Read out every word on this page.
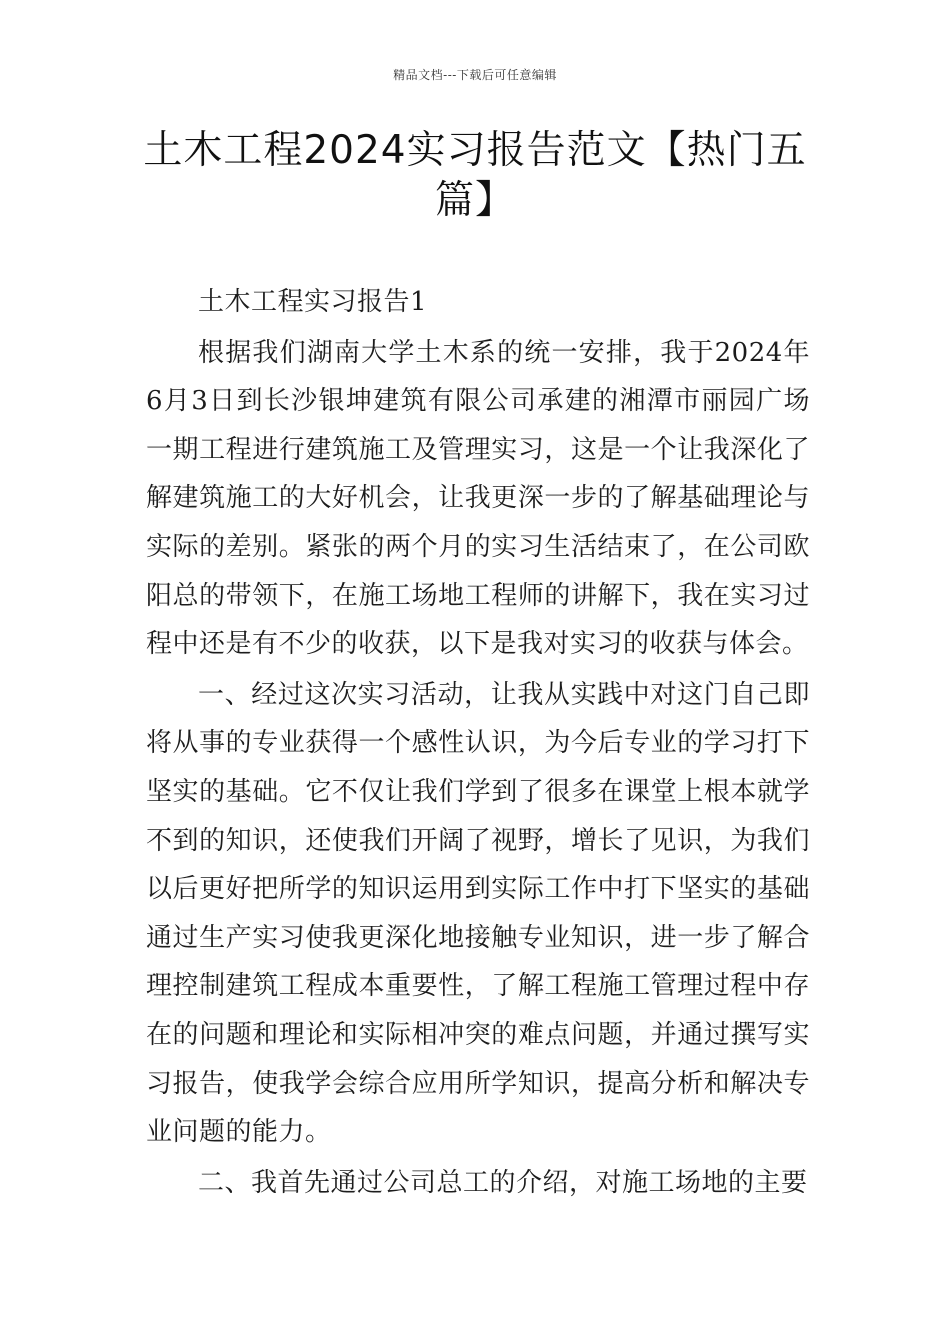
精品文档---下载后可任意编辑
土木工程2024实习报告范文【热门五篇】

土木工程实习报告1

根据我们湖南大学土木系的统一安排，我于2024年6月3日到长沙银坤建筑有限公司承建的湘潭市丽园广场一期工程进行建筑施工及管理实习，这是一个让我深化了解建筑施工的大好机会，让我更深一步的了解基础理论与实际的差别。紧张的两个月的实习生活结束了，在公司欧阳总的带领下，在施工场地工程师的讲解下，我在实习过程中还是有不少的收获，以下是我对实习的收获与体会。

一、经过这次实习活动，让我从实践中对这门自己即将从事的专业获得一个感性认识，为今后专业的学习打下坚实的基础。它不仅让我们学到了很多在课堂上根本就学不到的知识，还使我们开阔了视野，增长了见识，为我们以后更好把所学的知识运用到实际工作中打下坚实的基础通过生产实习使我更深化地接触专业知识，进一步了解合理控制建筑工程成本重要性，了解工程施工管理过程中存在的问题和理论和实际相冲突的难点问题，并通过撰写实习报告，使我学会综合应用所学知识，提高分析和解决专业问题的能力。

二、我首先通过公司总工的介绍，对施工场地的主要
